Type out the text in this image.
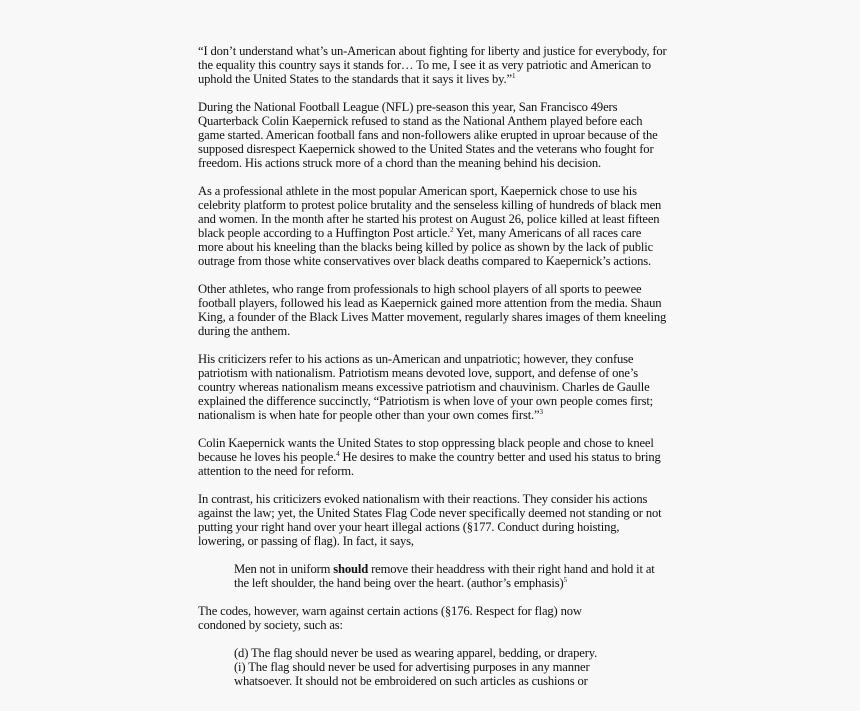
“I don’t understand what’s un-American about fighting for liberty and justice for everybody, for the equality this country says it stands for… To me, I see it as very patriotic and American to uphold the United States to the standards that it says it lives by.”$^1$

During the National Football League (NFL) pre-season this year, San Francisco 49ers Quarterback Colin Kaepernick refused to stand as the National Anthem played before each game started. American football fans and non-followers alike erupted in uproar because of the supposed disrespect Kaepernick showed to the United States and the veterans who fought for freedom. His actions struck more of a chord than the meaning behind his decision.

As a professional athlete in the most popular American sport, Kaepernick chose to use his celebrity platform to protest police brutality and the senseless killing of hundreds of black men and women. In the month after he started his protest on August 26, police killed at least fifteen black people according to a Huffington Post article.$^2$ Yet, many Americans of all races care more about his kneeling than the blacks being killed by police as shown by the lack of public outrage from those white conservatives over black deaths compared to Kaepernick’s actions.

Other athletes, who range from professionals to high school players of all sports to peewee football players, followed his lead as Kaepernick gained more attention from the media. Shaun King, a founder of the Black Lives Matter movement, regularly shares images of them kneeling during the anthem.

His criticizers refer to his actions as un-American and unpatriotic; however, they confuse patriotism with nationalism. Patriotism means devoted love, support, and defense of one’s country whereas nationalism means excessive patriotism and chauvinism. Charles de Gaulle explained the difference succinctly, “Patriotism is when love of your own people comes first; nationalism is when hate for people other than your own comes first.”$^3$

Colin Kaepernick wants the United States to stop oppressing black people and chose to kneel because he loves his people.$^4$ He desires to make the country better and used his status to bring attention to the need for reform.

In contrast, his criticizers evoked nationalism with their reactions. They consider his actions against the law; yet, the United States Flag Code never specifically deemed not standing or not putting your right hand over your heart illegal actions (§177. Conduct during hoisting, lowering, or passing of flag). In fact, it says,

Men not in uniform should remove their headdress with their right hand and hold it at the left shoulder, the hand being over the heart. (author’s emphasis)$^5$

The codes, however, warn against certain actions (§176. Respect for flag) now condoned by society, such as:

(d) The flag should never be used as wearing apparel, bedding, or drapery.
(i) The flag should never be used for advertising purposes in any manner whatsoever. It should not be embroidered on such articles as cushions or
